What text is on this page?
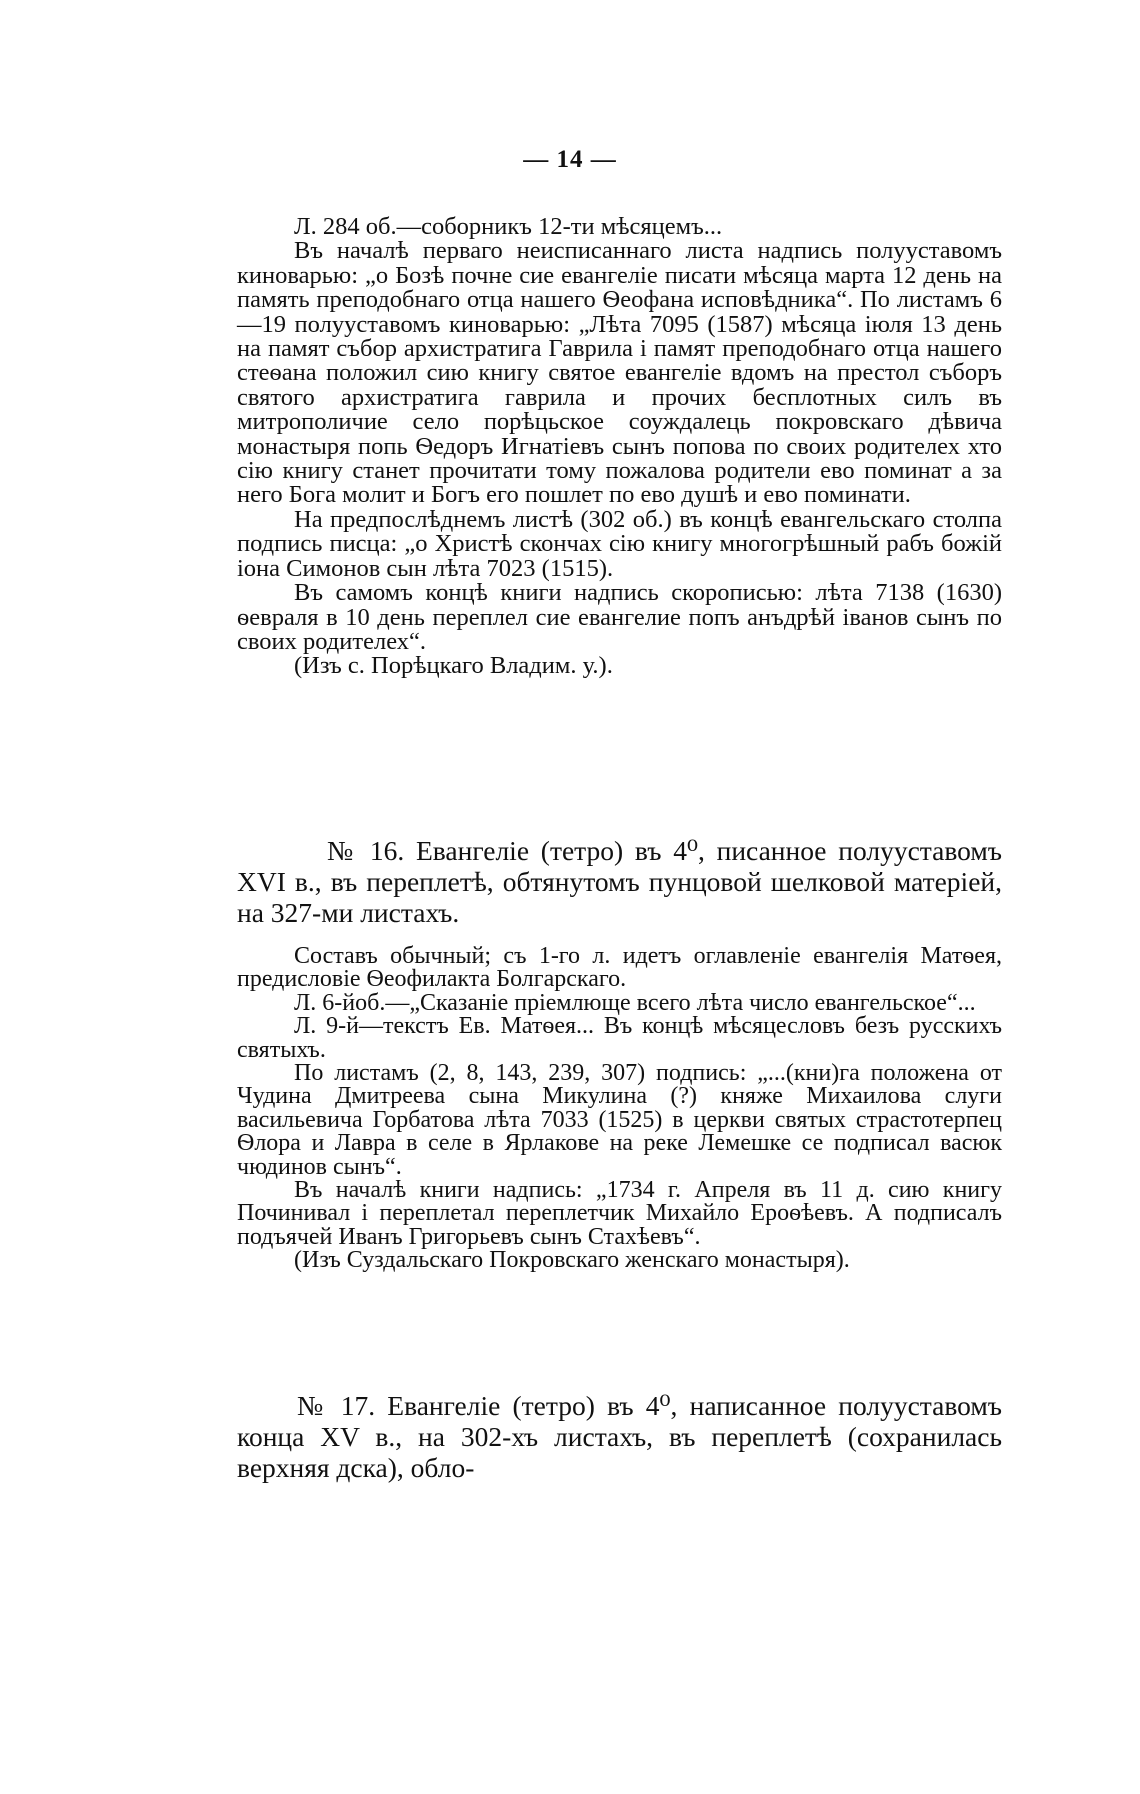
— 14 —

Л. 284 об.—соборникъ 12-ти мѣсяцемъ...

Въ началѣ перваго неисписаннаго листа надпись полууставомъ киноварью: „о Бозѣ почне сие евангеліе писати мѣсяца марта 12 день на память преподобнаго отца нашего Ѳеофана исповѣдника“. По листамъ 6—19 полууставомъ киноварью: „Лѣта 7095 (1587) мѣсяца іюля 13 день на памят събор архистратига Гаврила і памят преподобнаго отца нашего стеѳана положил сию книгу святое евангеліе вдомъ на престол съборъ святого архистратига гаврила и прочих бесплотных силъ въ митрополичие село порѣцьское соуждалець покровскаго дѣвича монастыря попь Ѳедоръ Игнатіевъ сынъ попова по своих родителех хто сію книгу станет прочитати тому пожалова родители ево поминат а за него Бога молит и Богъ его пошлет по ево душѣ и ево поминати.

На предпослѣднемъ листѣ (302 об.) въ концѣ евангельскаго столпа подпись писца: „о Христѣ скончах сію книгу многогрѣшный рабъ божій іона Симонов сын лѣта 7023 (1515).

Въ самомъ концѣ книги надпись скорописью: лѣта 7138 (1630) ѳевраля в 10 день переплел сие евангелие попъ анъдрѣй іванов сынъ по своих родителех“.

(Изъ с. Порѣцкаго Владим. у.).

№ 16. Евангеліе (тетро) въ 4⁰, писанное полууставомъ XVI в., въ переплетѣ, обтянутомъ пунцовой шелковой матеріей, на 327-ми листахъ.

Составъ обычный; съ 1-го л. идетъ оглавленіе евангелія Матѳея, предисловіе Ѳеофилакта Болгарскаго.

Л. 6-йоб.—„Сказаніе пріемлюще всего лѣта число евангельское“...

Л. 9-й—текстъ Ев. Матѳея... Въ концѣ мѣсяцесловъ безъ русскихъ святыхъ.

По листамъ (2, 8, 143, 239, 307) подпись: „...(кни)га положена от Чудина Дмитреева сына Микулина (?) княже Михаилова слуги васильевича Горбатова лѣта 7033 (1525) в церкви святых страстотерпец Ѳлора и Лавра в селе в Ярлакове на реке Лемешке се подписал васюк чюдинов сынъ“.

Въ началѣ книги надпись: „1734 г. Апреля въ 11 д. сию книгу Починивал і переплетал переплетчик Михайло Ероѳѣевъ. А подписалъ подъячей Иванъ Григорьевъ сынъ Стахѣевъ“.

(Изъ Суздальскаго Покровскаго женскаго монастыря).

№ 17. Евангеліе (тетро) въ 4⁰, написанное полууставомъ конца XV в., на 302-хъ листахъ, въ переплетѣ (сохранилась верхняя дска), обло-
